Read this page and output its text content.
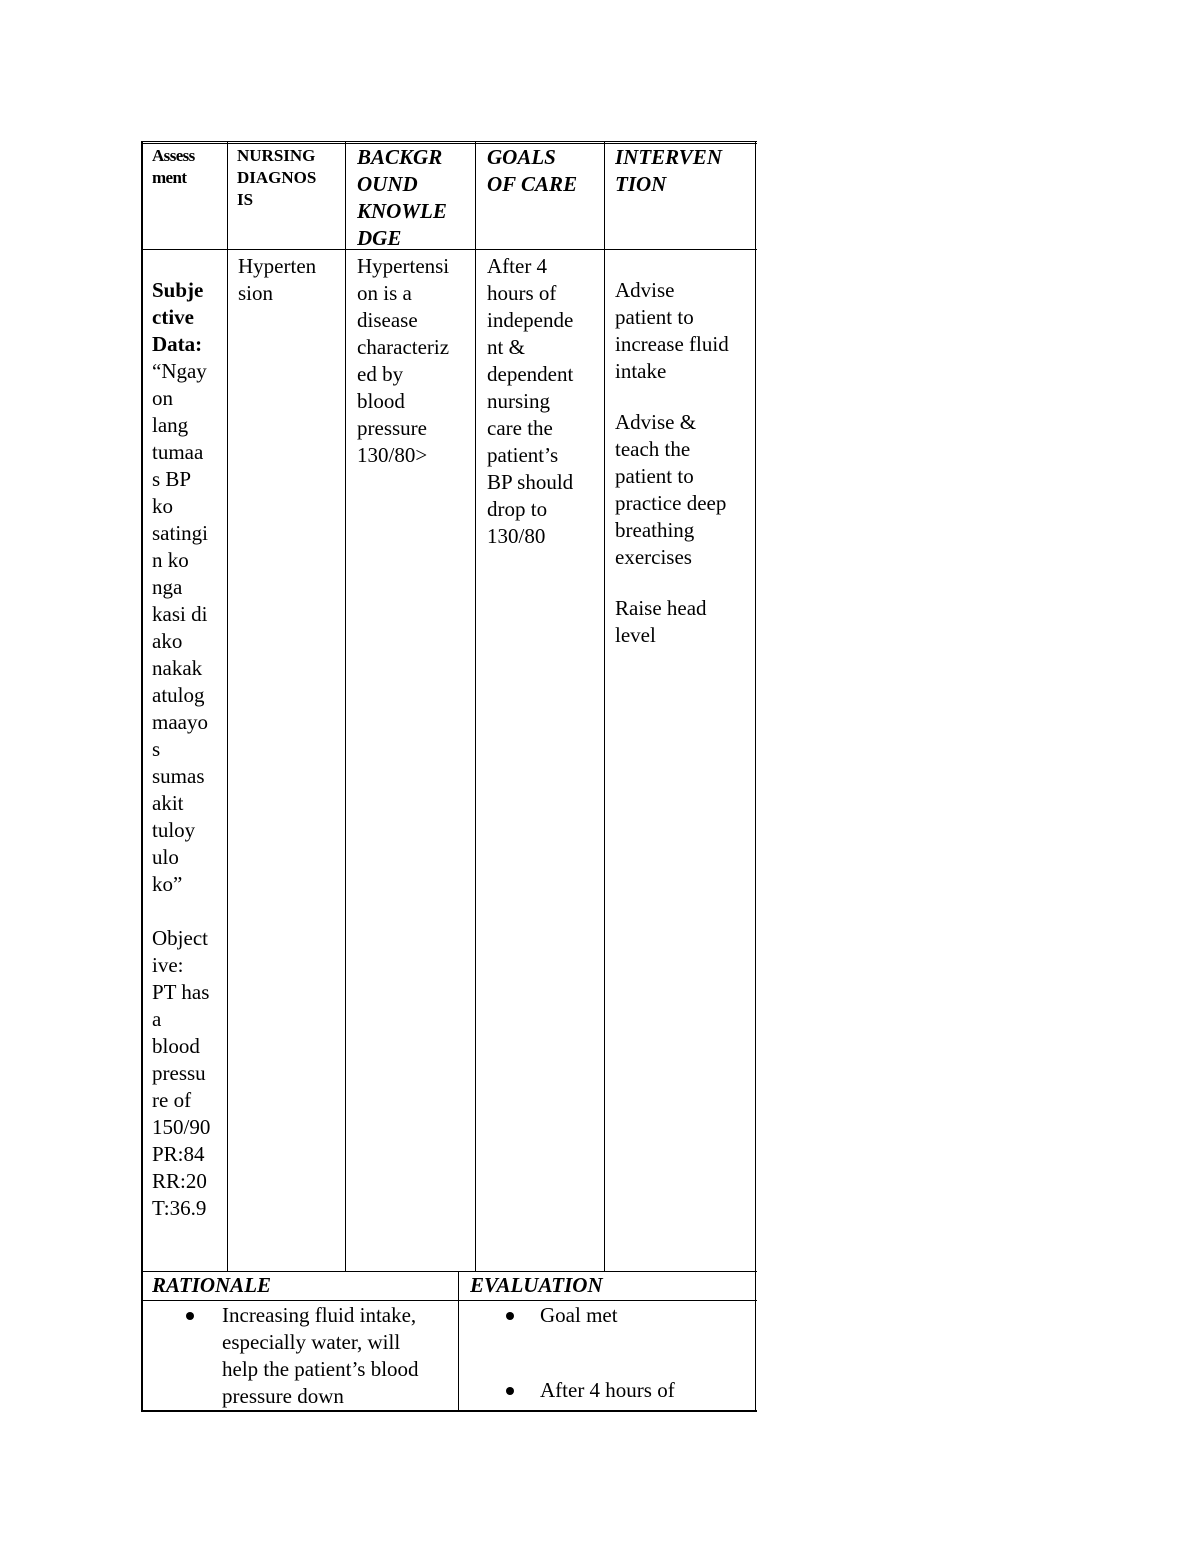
Assess
ment
NURSING
DIAGNOS
IS
BACKGR
OUND
KNOWLE
DGE
GOALS
OF CARE
INTERVEN
TION
Subje
ctive
Data:
“Ngay
on
lang
tumaa
s BP
ko
satingi
n ko
nga
kasi di
ako
nakak
atulog
maayo
s
sumas
akit
tuloy
ulo
ko”
Object
ive:
PT has
a
blood
pressu
re of
150/90
PR:84
RR:20
T:36.9
Hyperten
sion
Hypertensi
on is a
disease
characteriz
ed by
blood
pressure
130/80>
After 4
hours of
independe
nt &
dependent
nursing
care the
patient’s
BP should
drop to
130/80
Advise
patient to
increase fluid
intake
Advise &
teach the
patient to
practice deep
breathing
exercises
Raise head
level
RATIONALE	EVALUATION
Increasing fluid intake,
especially water, will
help the patient’s blood
pressure down
Goal met
After 4 hours of
